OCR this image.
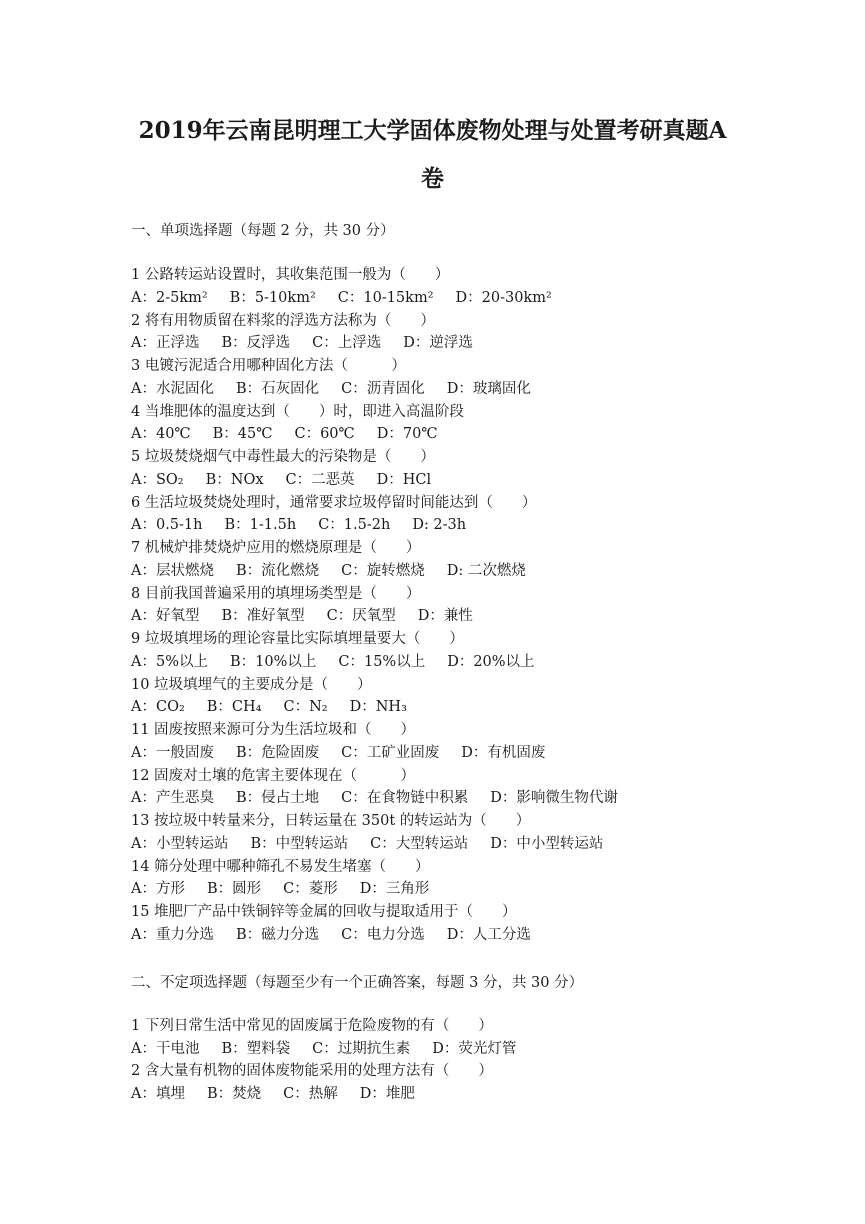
2019年云南昆明理工大学固体废物处理与处置考研真题A
卷
一、单项选择题（每题 2 分，共 30 分）
1 公路转运站设置时，其收集范围一般为（　　）
A：2-5km² B：5-10km² C：10-15km² D：20-30km²
2 将有用物质留在料浆的浮选方法称为（　　）
A：正浮选 B：反浮选 C：上浮选 D：逆浮选
3 电镀污泥适合用哪种固化方法（　　　）
A：水泥固化 B：石灰固化 C：沥青固化 D：玻璃固化
4 当堆肥体的温度达到（　　）时，即进入高温阶段
A：40℃ B：45℃ C：60℃ D：70℃
5 垃圾焚烧烟气中毒性最大的污染物是（　　）
A：SO₂ B：NOx C：二恶英 D：HCl
6 生活垃圾焚烧处理时，通常要求垃圾停留时间能达到（　　）
A：0.5-1h B：1-1.5h C：1.5-2h D: 2-3h
7 机械炉排焚烧炉应用的燃烧原理是（　　）
A：层状燃烧 B：流化燃烧 C：旋转燃烧 D: 二次燃烧
8 目前我国普遍采用的填埋场类型是（　　）
A：好氧型 B：准好氧型 C：厌氧型 D：兼性
9 垃圾填埋场的理论容量比实际填埋量要大（　　）
A：5%以上 B：10%以上 C：15%以上 D：20%以上
10 垃圾填埋气的主要成分是（　　）
A：CO₂ B：CH₄ C：N₂ D：NH₃
11 固废按照来源可分为生活垃圾和（　　）
A：一般固废 B：危险固废 C：工矿业固废 D：有机固废
12 固废对土壤的危害主要体现在（　　　）
A：产生恶臭 B：侵占土地 C：在食物链中积累 D：影响微生物代谢
13 按垃圾中转量来分，日转运量在 350t 的转运站为（　　）
A：小型转运站 B：中型转运站 C：大型转运站 D：中小型转运站
14 筛分处理中哪种筛孔不易发生堵塞（　　）
A：方形 B：圆形 C：菱形 D：三角形
15 堆肥厂产品中铁铜锌等金属的回收与提取适用于（　　）
A：重力分选 B：磁力分选 C：电力分选 D：人工分选
二、不定项选择题（每题至少有一个正确答案，每题 3 分，共 30 分）
1 下列日常生活中常见的固废属于危险废物的有（　　）
A：干电池 B：塑料袋 C：过期抗生素 D：荧光灯管
2 含大量有机物的固体废物能采用的处理方法有（　　）
A：填埋 B：焚烧 C：热解 D：堆肥
